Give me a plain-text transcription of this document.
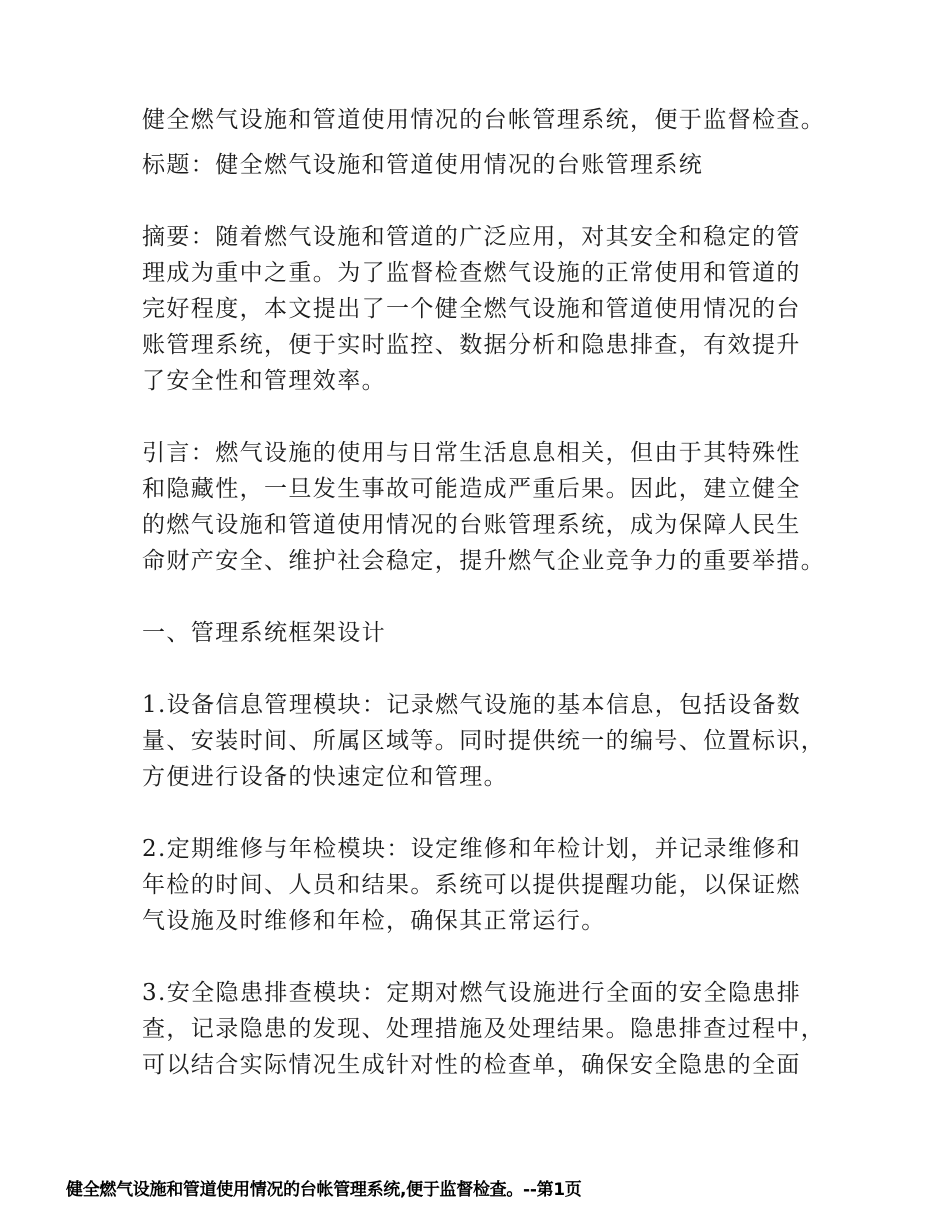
健全燃气设施和管道使用情况的台帐管理系统，便于监督检查。

标题：健全燃气设施和管道使用情况的台账管理系统

摘要：随着燃气设施和管道的广泛应用，对其安全和稳定的管

理成为重中之重。为了监督检查燃气设施的正常使用和管道的

完好程度，本文提出了一个健全燃气设施和管道使用情况的台

账管理系统，便于实时监控、数据分析和隐患排查，有效提升

了安全性和管理效率。

引言：燃气设施的使用与日常生活息息相关，但由于其特殊性

和隐藏性，一旦发生事故可能造成严重后果。因此，建立健全

的燃气设施和管道使用情况的台账管理系统，成为保障人民生

命财产安全、维护社会稳定，提升燃气企业竞争力的重要举措。

一、管理系统框架设计

1.设备信息管理模块：记录燃气设施的基本信息，包括设备数

量、安装时间、所属区域等。同时提供统一的编号、位置标识，

方便进行设备的快速定位和管理。

2.定期维修与年检模块：设定维修和年检计划，并记录维修和

年检的时间、人员和结果。系统可以提供提醒功能，以保证燃

气设施及时维修和年检，确保其正常运行。

3.安全隐患排查模块：定期对燃气设施进行全面的安全隐患排

查，记录隐患的发现、处理措施及处理结果。隐患排查过程中，

可以结合实际情况生成针对性的检查单，确保安全隐患的全面

健全燃气设施和管道使用情况的台帐管理系统,便于监督检查。--第1页
